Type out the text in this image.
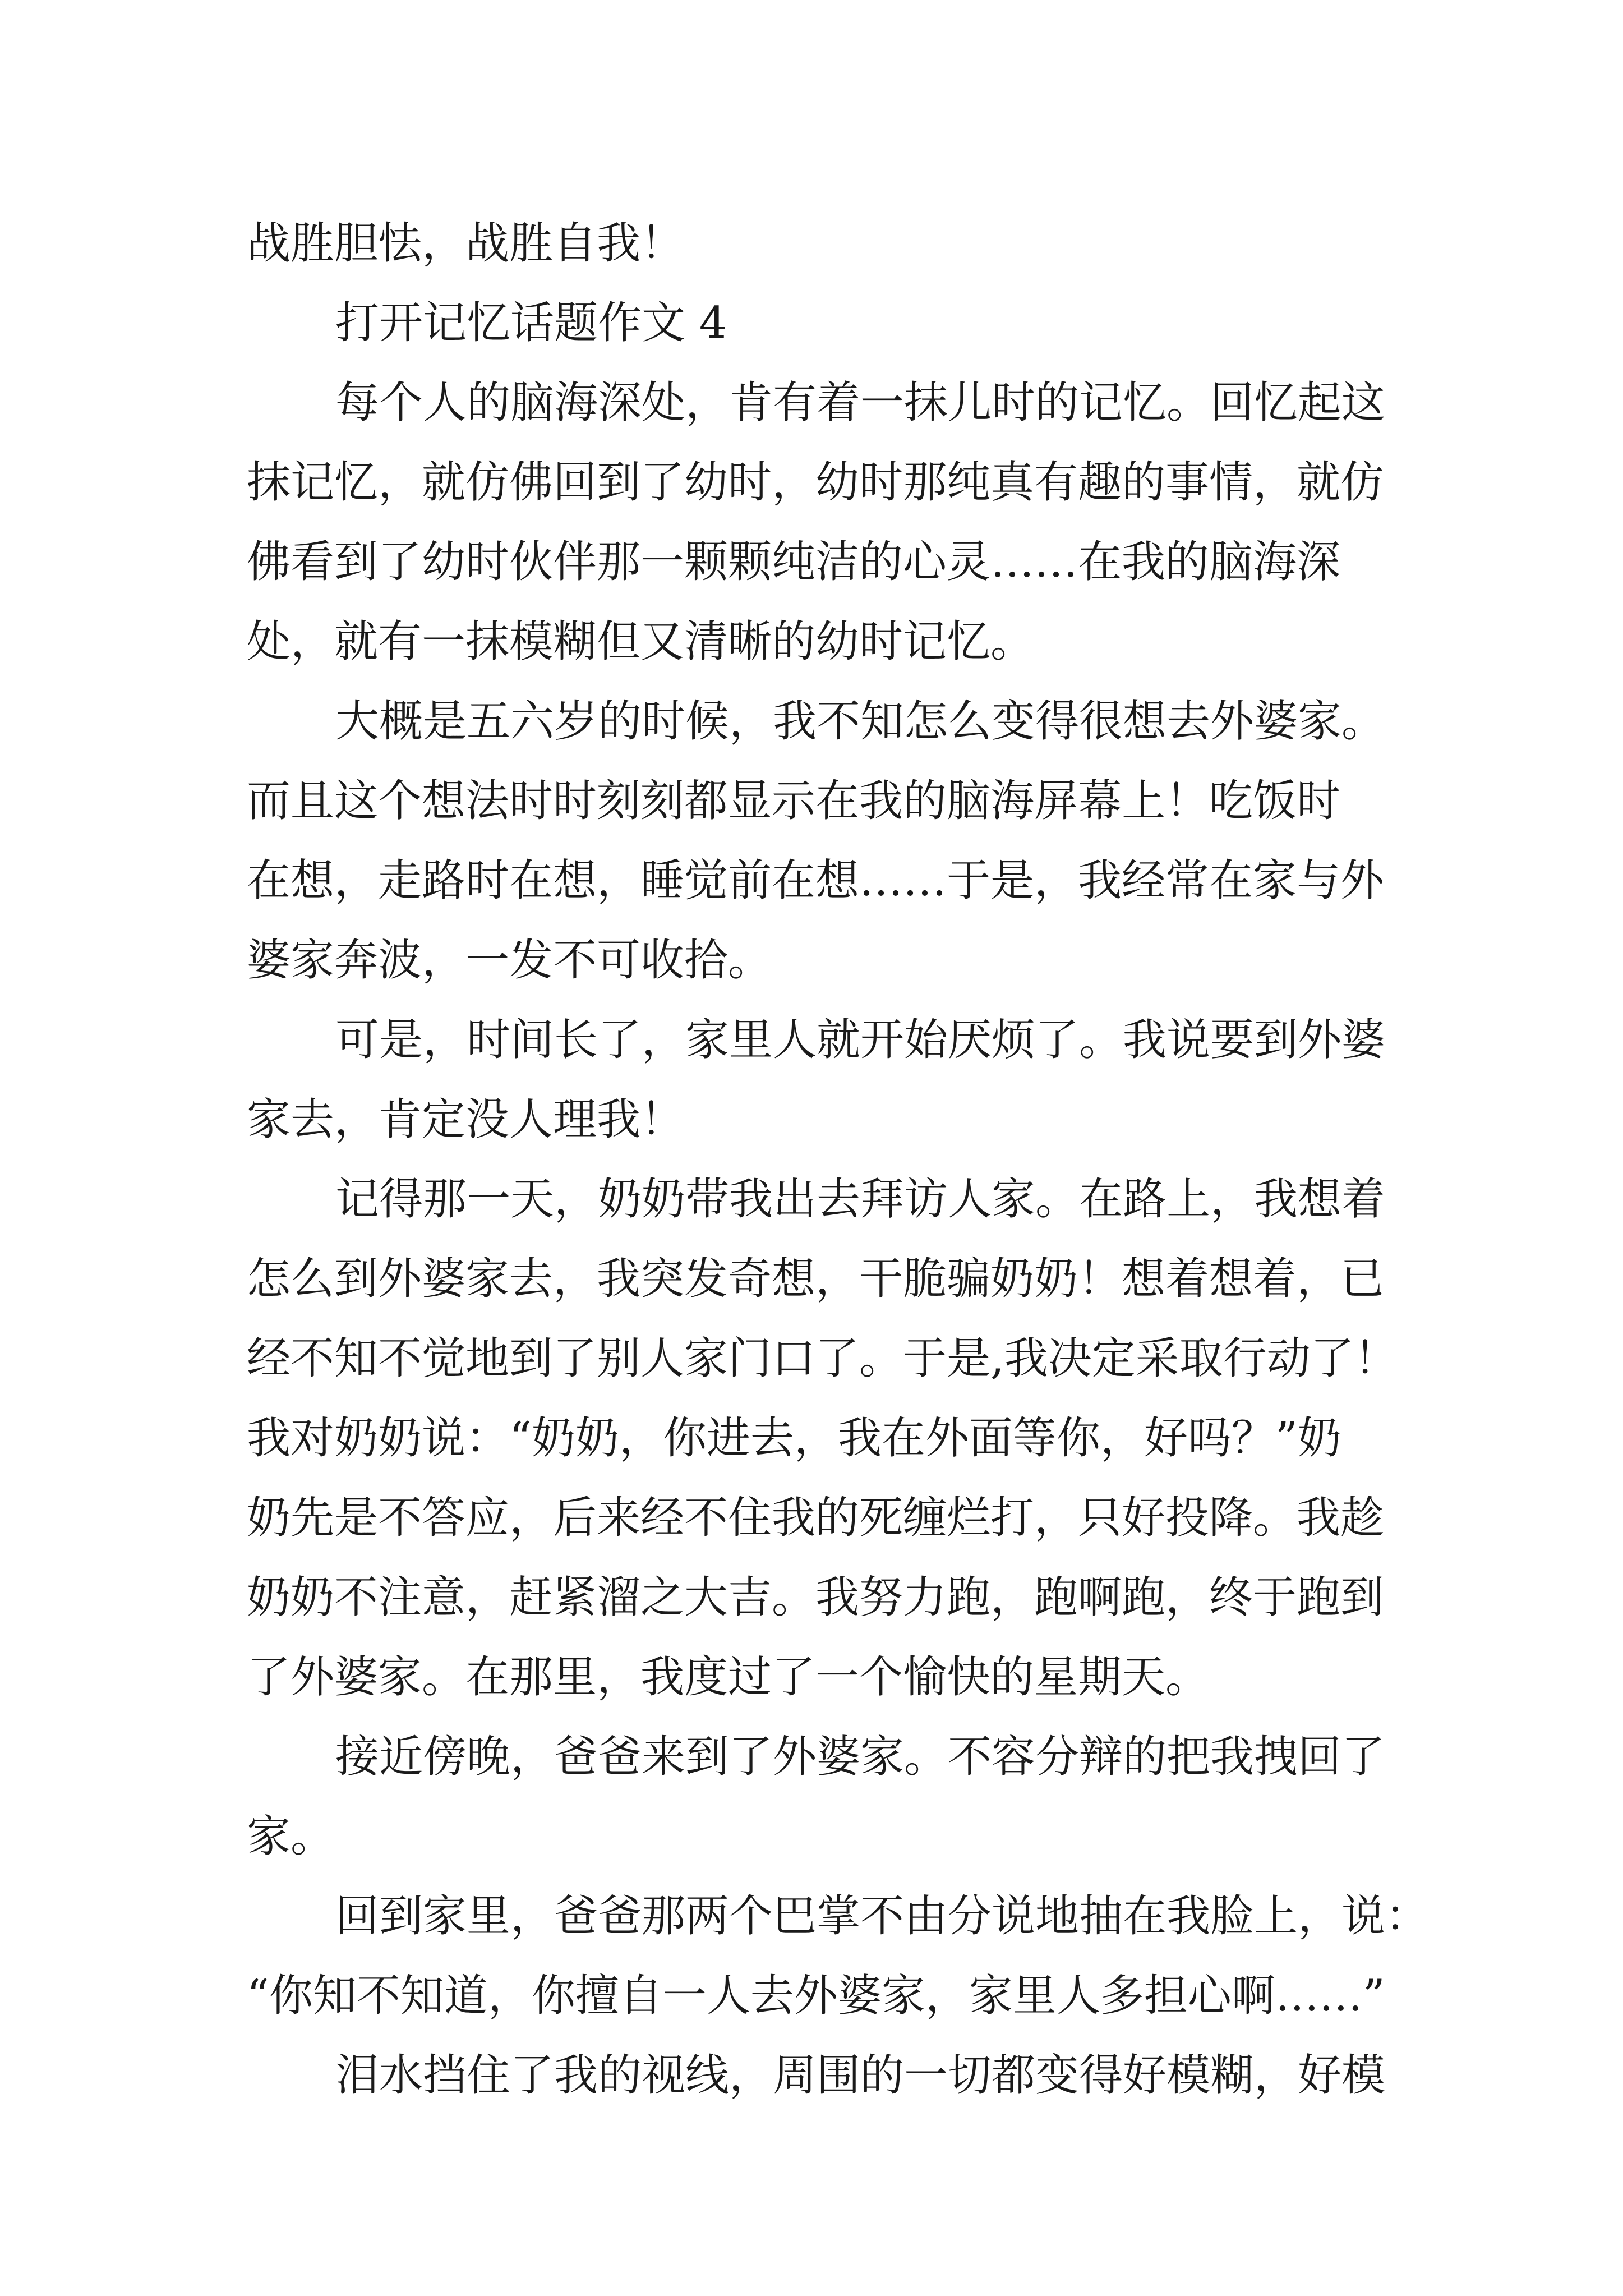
战胜胆怯，战胜自我！
打开记忆话题作文 4
每个人的脑海深处，肯有着一抹儿时的记忆。回忆起这
抹记忆，就仿佛回到了幼时，幼时那纯真有趣的事情，就仿
佛看到了幼时伙伴那一颗颗纯洁的心灵……在我的脑海深
处，就有一抹模糊但又清晰的幼时记忆。
大概是五六岁的时候，我不知怎么变得很想去外婆家。
而且这个想法时时刻刻都显示在我的脑海屏幕上！吃饭时
在想，走路时在想，睡觉前在想……于是，我经常在家与外
婆家奔波，一发不可收拾。
可是，时间长了，家里人就开始厌烦了。我说要到外婆
家去，肯定没人理我！
记得那一天，奶奶带我出去拜访人家。在路上，我想着
怎么到外婆家去，我突发奇想，干脆骗奶奶！想着想着，已
经不知不觉地到了别人家门口了。于是,我决定采取行动了！
我对奶奶说：“奶奶，你进去，我在外面等你，好吗？”奶
奶先是不答应，后来经不住我的死缠烂打，只好投降。我趁
奶奶不注意，赶紧溜之大吉。我努力跑，跑啊跑，终于跑到
了外婆家。在那里，我度过了一个愉快的星期天。
接近傍晚，爸爸来到了外婆家。不容分辩的把我拽回了
家。
回到家里，爸爸那两个巴掌不由分说地抽在我脸上，说：
“你知不知道，你擅自一人去外婆家，家里人多担心啊……”
泪水挡住了我的视线，周围的一切都变得好模糊，好模
